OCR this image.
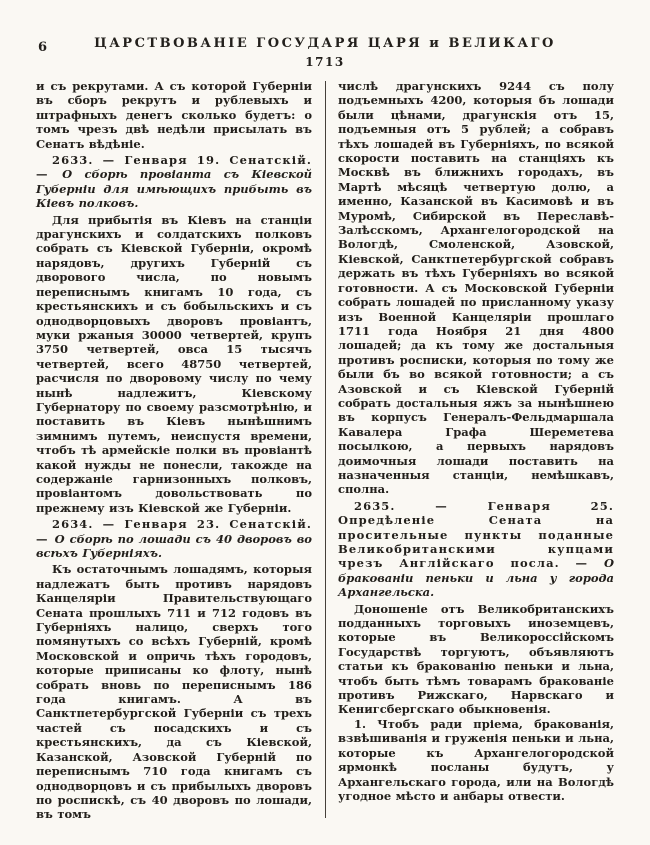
6	ЦАРСТВОВАНІЕ ГОСУДАРЯ ЦАРЯ и ВЕЛИКАГО
1713

и съ рекрутами. А съ которой Губерніи въ сборъ рекрутъ и рублевыхъ и штрафныхъ денегъ сколько будетъ: о томъ чрезъ двѣ недѣли присылать въ Сенатъ вѣдѣніе.

2633. — Генваря 19. Сенатскій. — О сборѣ провіанта съ Кіевской Губерніи для имѣющихъ прибыть въ Кіевъ полковъ.

Для прибытія въ Кіевъ на станціи драгунскихъ и солдатскихъ полковъ собрать съ Кіевской Губерніи, окромѣ нарядовъ, другихъ Губерній съ дворового числа, по новымъ переписнымъ книгамъ 10 года, съ крестьянскихъ и съ бобыльскихъ и съ однодворцовыхъ дворовъ провіантъ, муки ржаныя 30000 четвертей, крупъ 3750 четвертей, овса 15 тысячъ четвертей, всего 48750 четвертей, расчисля по дворовому числу по чему нынѣ надлежитъ, Кіевскому Губернатору по своему разсмотрѣнію, и поставить въ Кіевъ нынѣшнимъ зимнимъ путемъ, неиспустя времени, чтобъ тѣ армейскіе полки въ провіантѣ какой нужды не понесли, такожде на содержаніе гарнизонныхъ полковъ, провіантомъ довольствовать по прежнему изъ Кіевской же Губерніи.

2634. — Генваря 23. Сенатскій. — О сборѣ по лошади съ 40 дворовъ во всѣхъ Губерніяхъ.

Къ остаточнымъ лошадямъ, которыя надлежатъ быть противъ нарядовъ Канцеляріи Правительствующаго Сената прошлыхъ 711 и 712 годовъ въ Губерніяхъ налицо, сверхъ того помянутыхъ со всѣхъ Губерній, кромѣ Московской и опричь тѣхъ городовъ, которые приписаны ко флоту, нынѣ собрать вновь по переписнымъ 186 года книгамъ. А въ Санктпетербургской Губерніи съ трехъ частей съ посадскихъ и съ крестьянскихъ, да съ Кіевской, Казанской, Азовской Губерній по переписнымъ 710 года книгамъ съ однодворцовъ и съ прибылыхъ дворовъ по роспискѣ, съ 40 дворовъ по лошади, въ томъ

числѣ драгунскихъ 9244 съ полу подъемныхъ 4200, которыя бъ лошади были цѣнами, драгунскія отъ 15, подъемныя отъ 5 рублей; а собравъ тѣхъ лошадей въ Губерніяхъ, по всякой скорости поставить на станціяхъ къ Москвѣ въ ближнихъ городахъ, въ Мартѣ мѣсяцѣ четвертую долю, а именно, Казанской въ Касимовѣ и въ Муромѣ, Сибирской въ Переславѣ-Залѣсскомъ, Архангелогородской на Вологдѣ, Смоленской, Азовской, Кіевской, Санктпетербургской собравъ держать въ тѣхъ Губерніяхъ во всякой готовности. А съ Московской Губерніи собрать лошадей по присланному указу изъ Военной Канцеляріи прошлаго 1711 года Ноября 21 дня 4800 лошадей; да къ тому же достальныя противъ росписки, которыя по тому же были бъ во всякой готовности; а съ Азовской и съ Кіевской Губерній собрать достальныя яжъ за нынѣшнею въ корпусъ Генералъ-Фельдмаршала Кавалера Графа Шереметева посылкою, а первыхъ нарядовъ доимочныя лошади поставить на назначенныя станціи, немѣшкавъ, сполна.

2635. — Генваря 25. Опредѣленіе Сената на просительные пункты поданные Великобританскими купцами чрезъ Англійскаго посла. — О бракованіи пеньки и льна у города Архангельска.

Доношеніе отъ Великобританскихъ подданныхъ торговыхъ иноземцевъ, которые въ Великороссійскомъ Государствѣ торгуютъ, объявляютъ статьи къ бракованію пеньки и льна, чтобъ быть тѣмъ товарамъ бракованіе противъ Рижскаго, Нарвскаго и Кенигсбергскаго обыкновенія.

1. Чтобъ ради пріема, бракованія, взвѣшиванія и груженія пеньки и льна, которые къ Архангелогородской ярмонкѣ посланы будутъ, у Архангельскаго города, или на Вологдѣ угодное мѣсто и анбары отвести.
